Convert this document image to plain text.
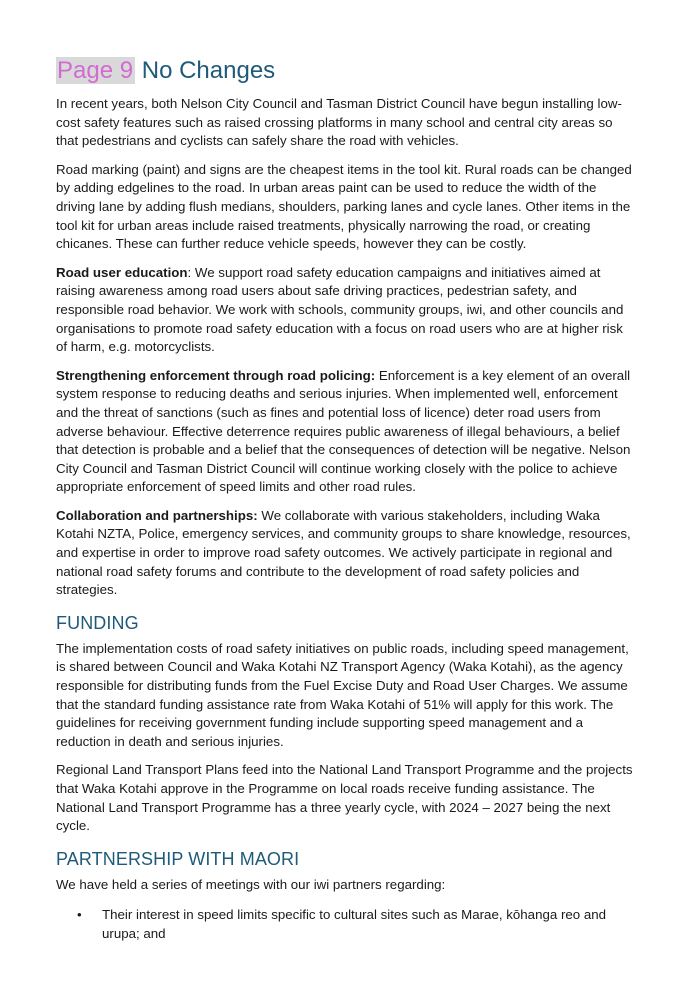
Page 9 No Changes

In recent years, both Nelson City Council and Tasman District Council have begun installing low-cost safety features such as raised crossing platforms in many school and central city areas so that pedestrians and cyclists can safely share the road with vehicles.

Road marking (paint) and signs are the cheapest items in the tool kit. Rural roads can be changed by adding edgelines to the road. In urban areas paint can be used to reduce the width of the driving lane by adding flush medians, shoulders, parking lanes and cycle lanes. Other items in the tool kit for urban areas include raised treatments, physically narrowing the road, or creating chicanes. These can further reduce vehicle speeds, however they can be costly.

Road user education: We support road safety education campaigns and initiatives aimed at raising awareness among road users about safe driving practices, pedestrian safety, and responsible road behavior. We work with schools, community groups, iwi, and other councils and organisations to promote road safety education with a focus on road users who are at higher risk of harm, e.g. motorcyclists.

Strengthening enforcement through road policing: Enforcement is a key element of an overall system response to reducing deaths and serious injuries. When implemented well, enforcement and the threat of sanctions (such as fines and potential loss of licence) deter road users from adverse behaviour. Effective deterrence requires public awareness of illegal behaviours, a belief that detection is probable and a belief that the consequences of detection will be negative. Nelson City Council and Tasman District Council will continue working closely with the police to achieve appropriate enforcement of speed limits and other road rules.

Collaboration and partnerships: We collaborate with various stakeholders, including Waka Kotahi NZTA, Police, emergency services, and community groups to share knowledge, resources, and expertise in order to improve road safety outcomes. We actively participate in regional and national road safety forums and contribute to the development of road safety policies and strategies.

FUNDING

The implementation costs of road safety initiatives on public roads, including speed management, is shared between Council and Waka Kotahi NZ Transport Agency (Waka Kotahi), as the agency responsible for distributing funds from the Fuel Excise Duty and Road User Charges. We assume that the standard funding assistance rate from Waka Kotahi of 51% will apply for this work. The guidelines for receiving government funding include supporting speed management and a reduction in death and serious injuries.

Regional Land Transport Plans feed into the National Land Transport Programme and the projects that Waka Kotahi approve in the Programme on local roads receive funding assistance. The National Land Transport Programme has a three yearly cycle, with 2024 – 2027 being the next cycle.

PARTNERSHIP WITH MAORI

We have held a series of meetings with our iwi partners regarding:

• Their interest in speed limits specific to cultural sites such as Marae, kōhanga reo and urupa; and
